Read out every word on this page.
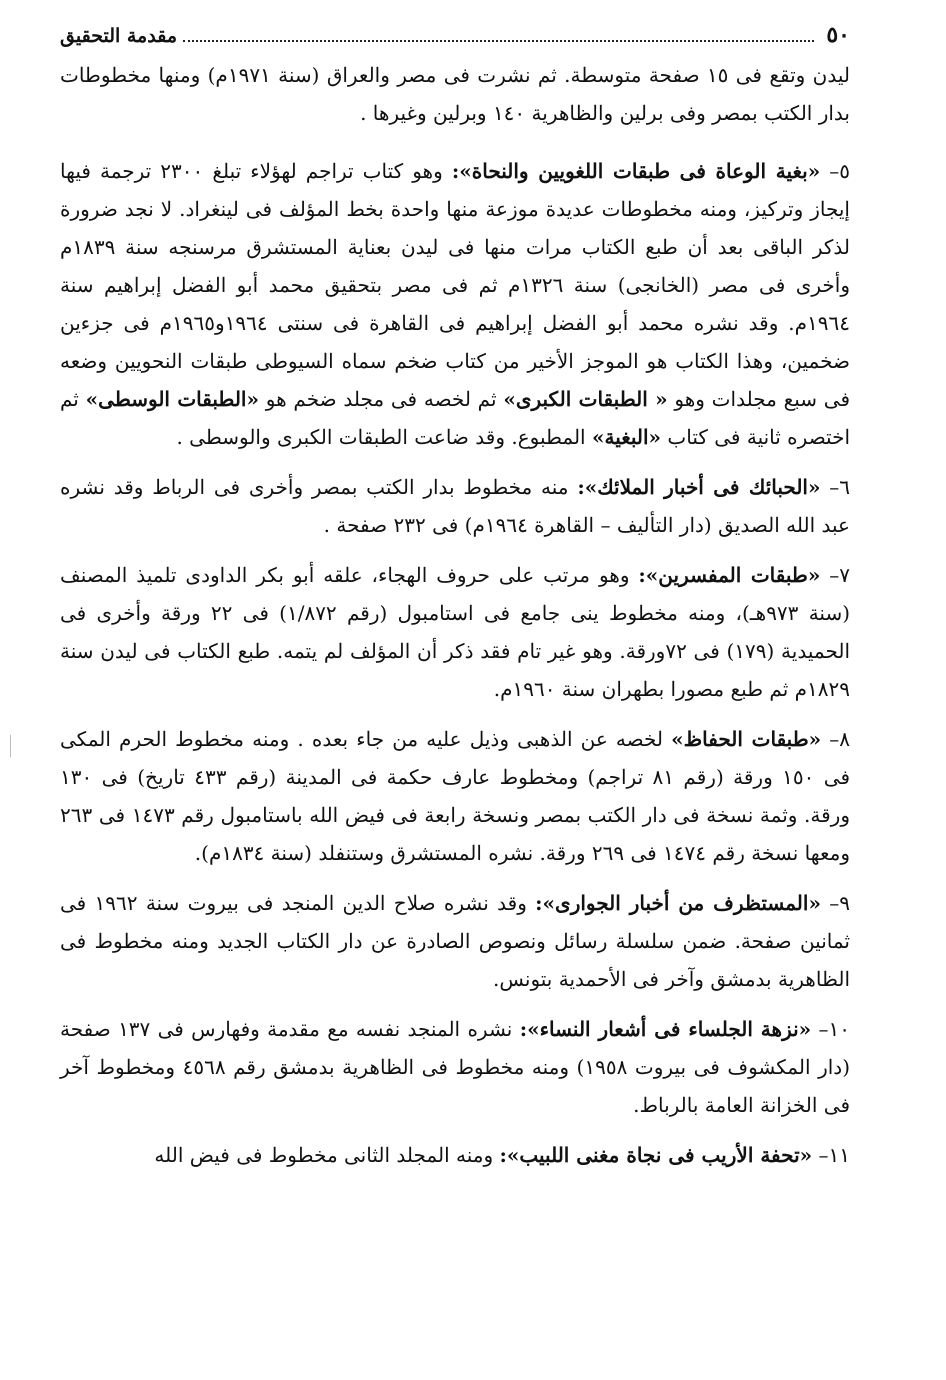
٥٠
مقدمة التحقيق

ليدن وتقع فى ١٥ صفحة متوسطة. ثم نشرت فى مصر والعراق (سنة ١٩٧١م) ومنها مخطوطات بدار الكتب بمصر وفى برلين والظاهرية ١٤٠ وبرلين وغيرها .

٥– «بغية الوعاة فى طبقات اللغويين والنحاة»: وهو كتاب تراجم لهؤلاء تبلغ ٢٣٠٠ ترجمة فيها إيجاز وتركيز، ومنه مخطوطات عديدة موزعة منها واحدة بخط المؤلف فى لينغراد. لا نجد ضرورة لذكر الباقى بعد أن طبع الكتاب مرات منها فى ليدن بعناية المستشرق مرسنجه سنة ١٨٣٩م وأخرى فى مصر (الخانجى) سنة ١٣٢٦م ثم فى مصر بتحقيق محمد أبو الفضل إبراهيم سنة ١٩٦٤م. وقد نشره محمد أبو الفضل إبراهيم فى القاهرة فى سنتى ١٩٦٤و١٩٦٥م فى جزءين ضخمين، وهذا الكتاب هو الموجز الأخير من كتاب ضخم سماه السيوطى طبقات النحويين وضعه فى سبع مجلدات وهو « الطبقات الكبرى» ثم لخصه فى مجلد ضخم هو «الطبقات الوسطى» ثم اختصره ثانية فى كتاب «البغية» المطبوع. وقد ضاعت الطبقات الكبرى والوسطى .

٦– «الحبائك فى أخبار الملائك»: منه مخطوط بدار الكتب بمصر وأخرى فى الرباط وقد نشره عبد الله الصديق (دار التأليف – القاهرة ١٩٦٤م) فى ٢٣٢ صفحة .

٧– «طبقات المفسرين»: وهو مرتب على حروف الهجاء، علقه أبو بكر الداودى تلميذ المصنف (سنة ٩٧٣هـ)، ومنه مخطوط ينى جامع فى استامبول (رقم ١/٨٧٢) فى ٢٢ ورقة وأخرى فى الحميدية (١٧٩) فى ٧٢ورقة. وهو غير تام فقد ذكر أن المؤلف لم يتمه. طبع الكتاب فى ليدن سنة ١٨٢٩م ثم طبع مصورا بطهران سنة ١٩٦٠م.

٨– «طبقات الحفاظ» لخصه عن الذهبى وذيل عليه من جاء بعده . ومنه مخطوط الحرم المكى فى ١٥٠ ورقة (رقم ٨١ تراجم) ومخطوط عارف حكمة فى المدينة (رقم ٤٣٣ تاريخ) فى ١٣٠ ورقة. وثمة نسخة فى دار الكتب بمصر ونسخة رابعة فى فيض الله باستامبول رقم ١٤٧٣ فى ٢٦٣ ومعها نسخة رقم ١٤٧٤ فى ٢٦٩ ورقة. نشره المستشرق وستنفلد (سنة ١٨٣٤م).

٩– «المستظرف من أخبار الجوارى»: وقد نشره صلاح الدين المنجد فى بيروت سنة ١٩٦٢ فى ثمانين صفحة. ضمن سلسلة رسائل ونصوص الصادرة عن دار الكتاب الجديد ومنه مخطوط فى الظاهرية بدمشق وآخر فى الأحمدية بتونس.

١٠– «نزهة الجلساء فى أشعار النساء»: نشره المنجد نفسه مع مقدمة وفهارس فى ١٣٧ صفحة (دار المكشوف فى بيروت ١٩٥٨) ومنه مخطوط فى الظاهرية بدمشق رقم ٤٥٦٨ ومخطوط آخر فى الخزانة العامة بالرباط.

١١– «تحفة الأريب فى نجاة مغنى اللبيب»: ومنه المجلد الثانى مخطوط فى فيض الله
